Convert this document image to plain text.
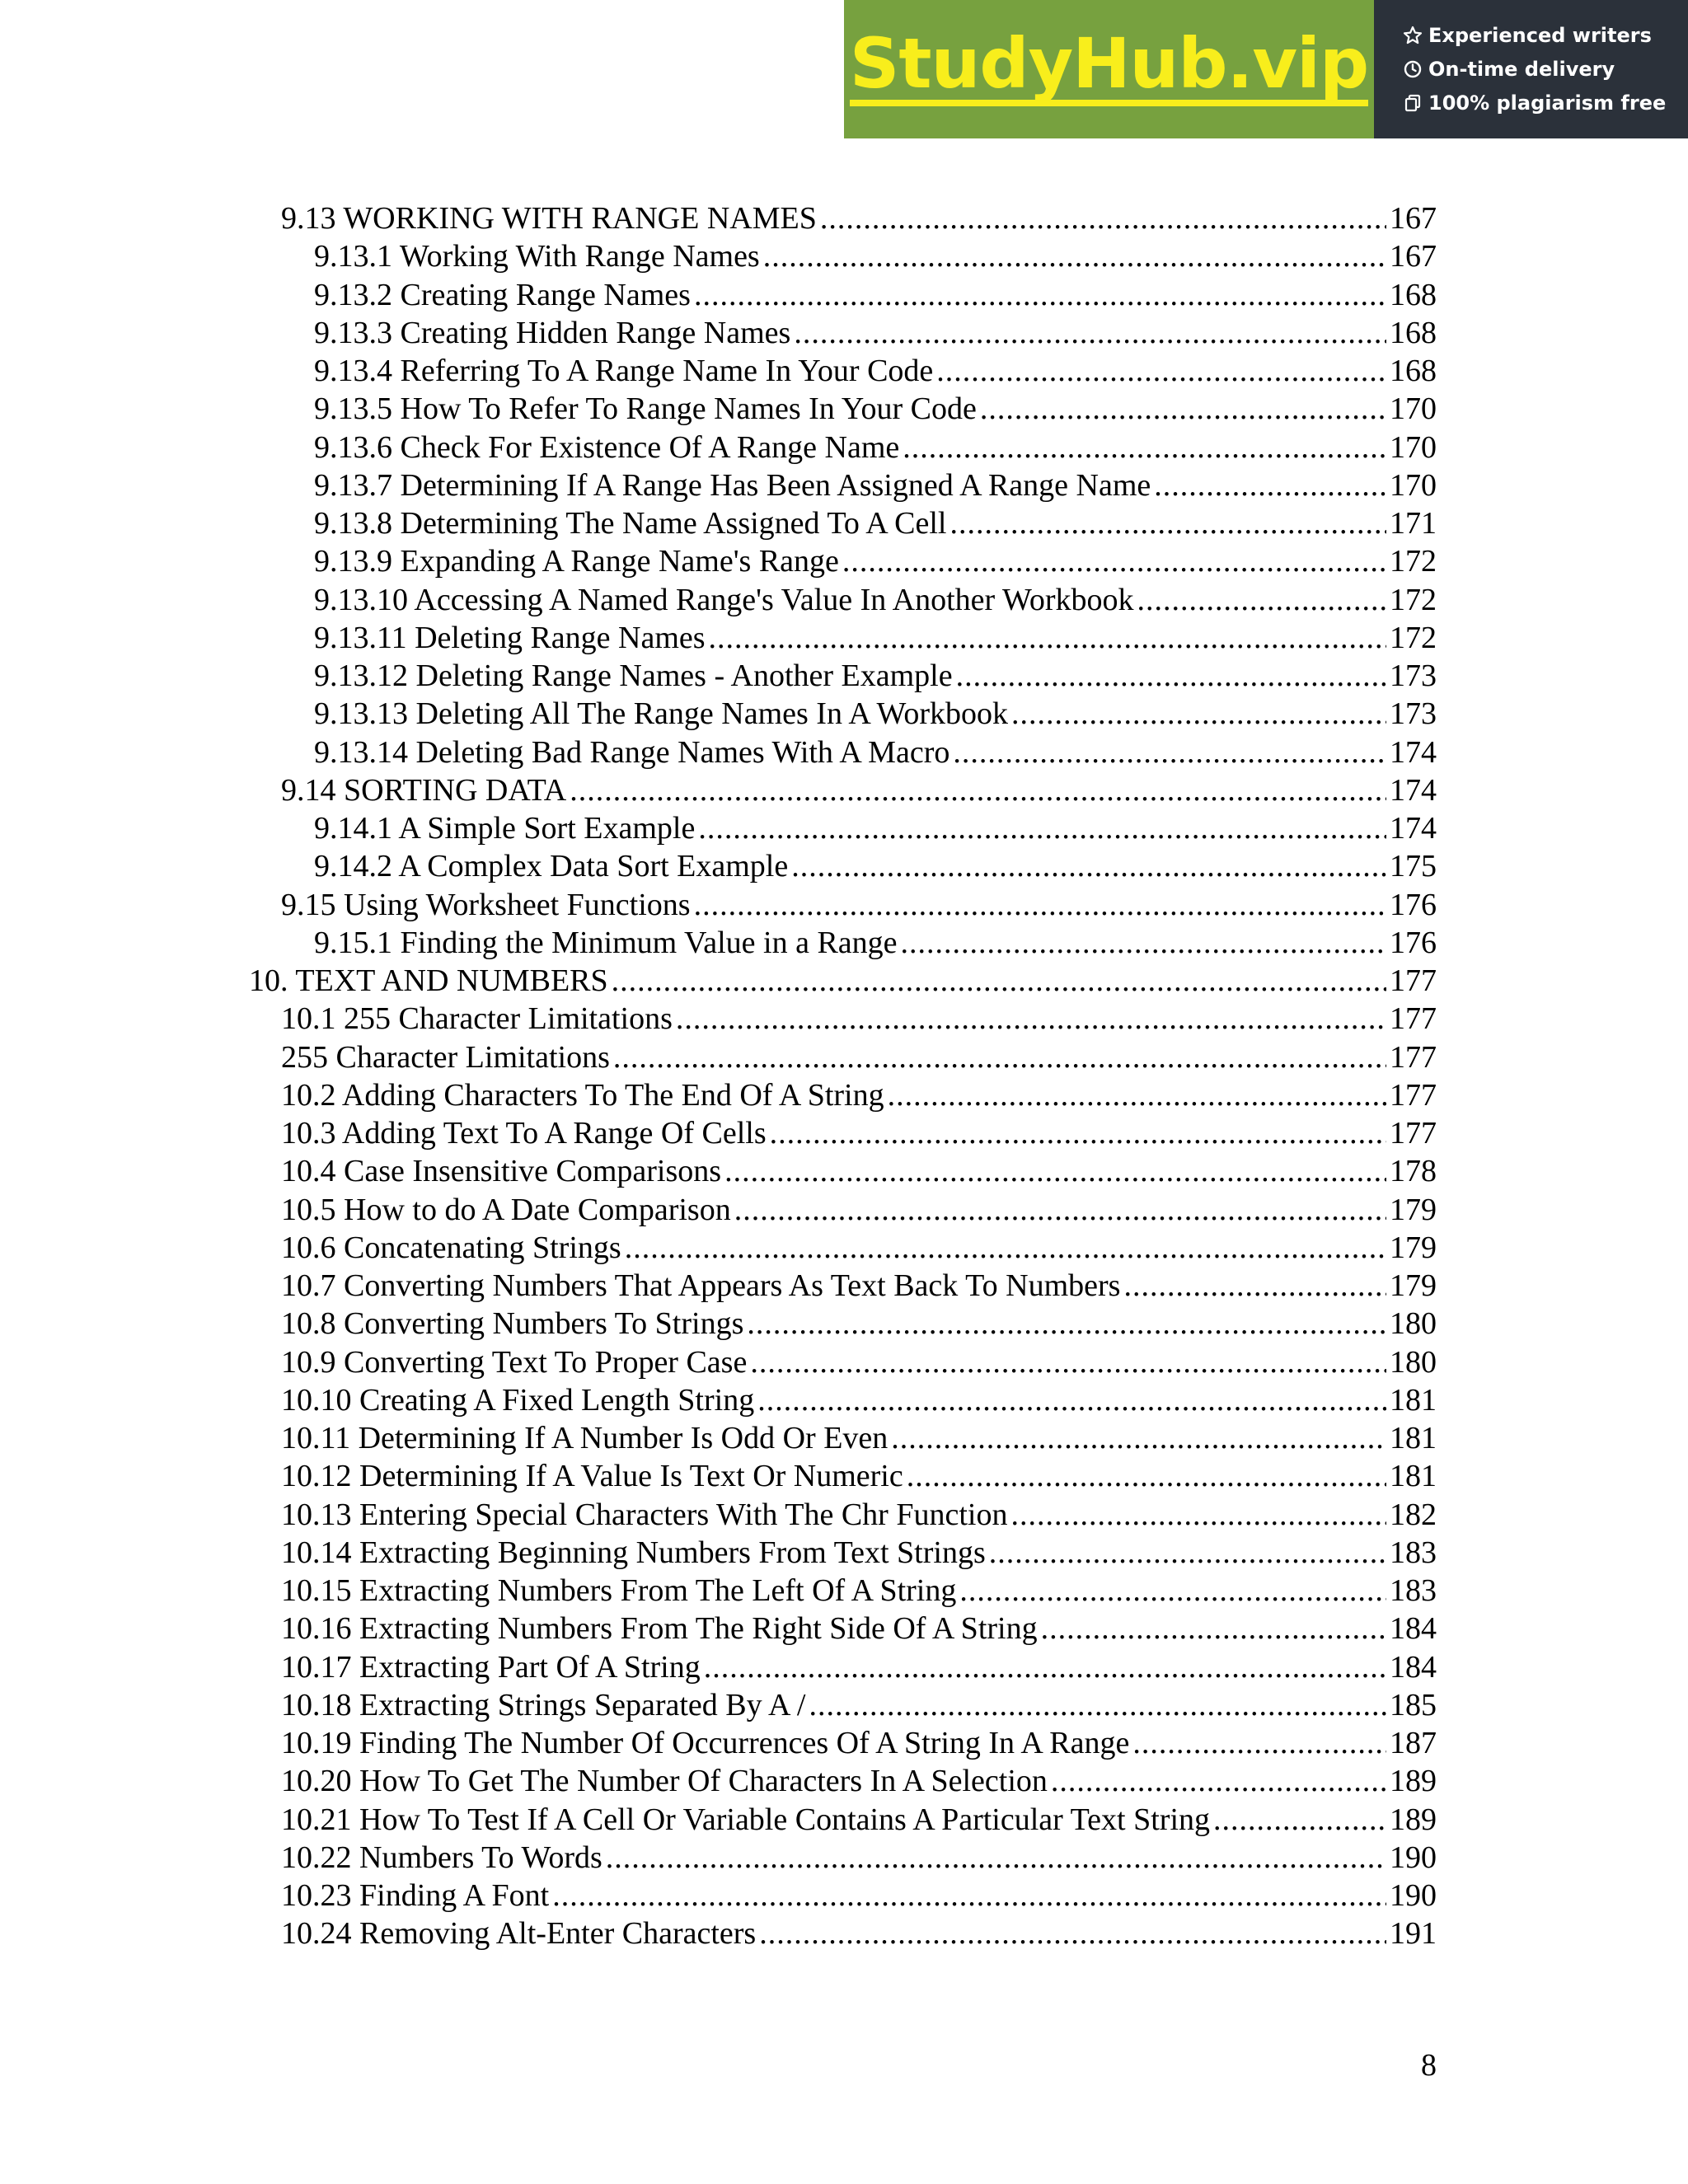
StudyHub.vip	Experienced writers
On-time delivery
100% plagiarism free
9.13 WORKING WITH RANGE NAMES .....	167
9.13.1 Working With Range Names .....	167
9.13.2 Creating Range Names .....	168
9.13.3 Creating Hidden Range Names .....	168
9.13.4 Referring To A Range Name In Your Code .....	168
9.13.5 How To Refer To Range Names In Your Code .....	170
9.13.6 Check For Existence Of A Range Name .....	170
9.13.7 Determining If A Range Has Been Assigned A Range Name .....	170
9.13.8 Determining The Name Assigned To A Cell .....	171
9.13.9 Expanding A Range Name's Range .....	172
9.13.10 Accessing A Named Range's Value In Another Workbook .....	172
9.13.11 Deleting Range Names .....	172
9.13.12 Deleting Range Names - Another Example .....	173
9.13.13 Deleting All The Range Names In A Workbook .....	173
9.13.14 Deleting Bad Range Names With A Macro .....	174
9.14 SORTING DATA .....	174
9.14.1 A Simple Sort Example .....	174
9.14.2 A Complex Data Sort Example .....	175
9.15 Using Worksheet Functions .....	176
9.15.1 Finding the Minimum Value in a Range .....	176
10. TEXT AND NUMBERS .....	177
10.1 255 Character Limitations .....	177
255 Character Limitations .....	177
10.2 Adding Characters To The End Of A String .....	177
10.3 Adding Text To A Range Of Cells .....	177
10.4 Case Insensitive Comparisons .....	178
10.5 How to do A Date Comparison .....	179
10.6 Concatenating Strings .....	179
10.7 Converting Numbers That Appears As Text Back To Numbers .....	179
10.8 Converting Numbers To Strings .....	180
10.9 Converting Text To Proper Case .....	180
10.10 Creating A Fixed Length String .....	181
10.11 Determining If A Number Is Odd Or Even .....	181
10.12 Determining If A Value Is Text Or Numeric .....	181
10.13 Entering Special Characters With The Chr Function .....	182
10.14 Extracting Beginning Numbers From Text Strings .....	183
10.15 Extracting Numbers From The Left Of A String .....	183
10.16 Extracting Numbers From The Right Side Of A String .....	184
10.17 Extracting Part Of A String .....	184
10.18 Extracting Strings Separated By A / .....	185
10.19 Finding The Number Of Occurrences Of A String In A Range .....	187
10.20 How To Get The Number Of Characters In A Selection .....	189
10.21 How To Test If A Cell Or Variable Contains A Particular Text String .....	189
10.22 Numbers To Words .....	190
10.23 Finding A Font .....	190
10.24 Removing Alt-Enter Characters .....	191
8
